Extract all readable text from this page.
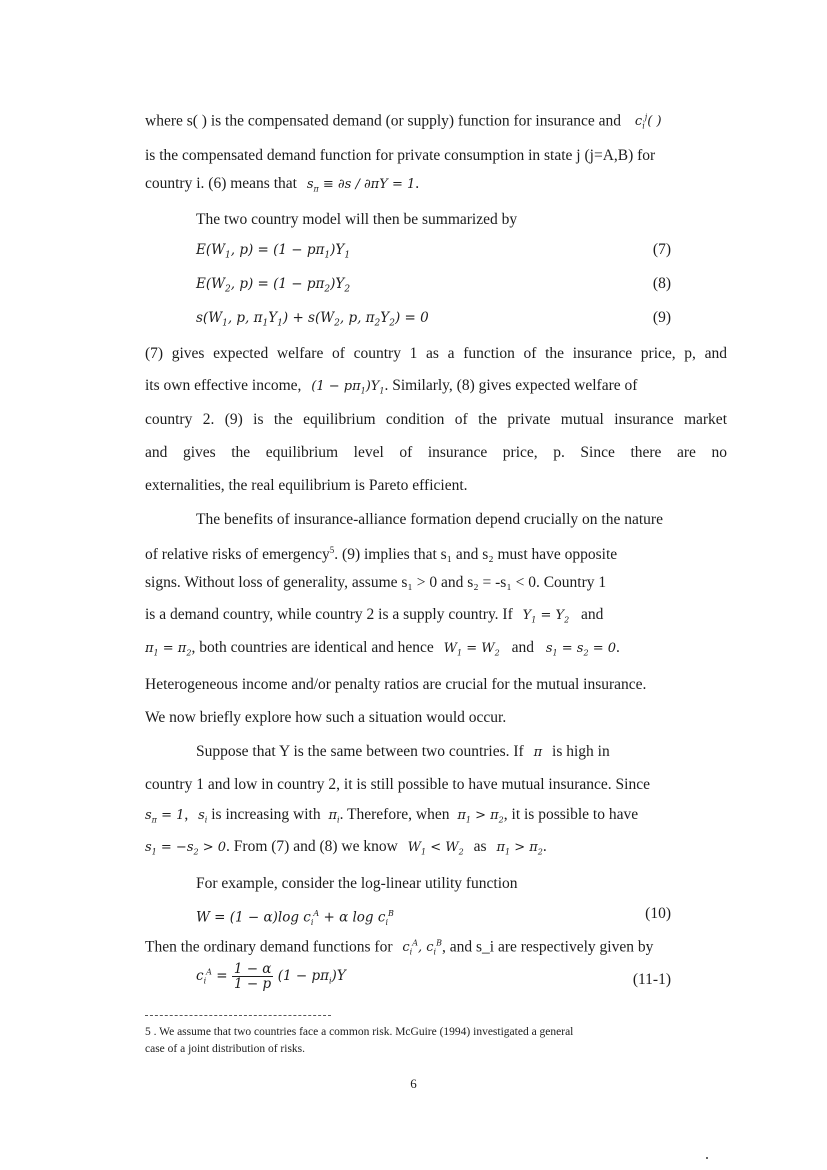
where s( ) is the compensated demand (or supply) function for insurance and $c_i^j$( )
is the compensated demand function for private consumption in state j (j=A,B) for
country i. (6) means that $s_\pi \equiv \partial s / \partial\pi Y = 1$.
The two country model will then be summarized by
$E(W_1$, $p) = (1 - p\pi_1)Y_1$	(7)
$E(W_2$, $p) = (1 - p\pi_2)Y_2$	(8)
$s(W_1$, p, $\pi_1Y_1) + s(W_2$, p, $\pi_2Y_2) = 0$	(9)
(7) gives expected welfare of country 1 as a function of the insurance price, p, and
its own effective income, $(1 - p\pi_1)Y_1$. Similarly, (8) gives expected welfare of
country 2. (9) is the equilibrium condition of the private mutual insurance market
and gives the equilibrium level of insurance price, p. Since there are no
externalities, the real equilibrium is Pareto efficient.
The benefits of insurance-alliance formation depend crucially on the nature
of relative risks of emergency$^5$. (9) implies that s₁ and s₂ must have opposite
signs. Without loss of generality, assume s₁ > 0 and s₂ = -s₁ < 0. Country 1
is a demand country, while country 2 is a supply country. If $Y_1 = Y_2$ and
$\pi_1 = \pi_2$, both countries are identical and hence $W_1 = W_2$ and $s_1 = s_2 = 0$.
Heterogeneous income and/or penalty ratios are crucial for the mutual insurance.
We now briefly explore how such a situation would occur.
Suppose that Y is the same between two countries. If π is high in
country 1 and low in country 2, it is still possible to have mutual insurance. Since
$s_\pi = 1$, $s_i$ is increasing with $\pi_i$. Therefore, when $\pi_1 > \pi_2$, it is possible to have
$s_1 = -s_2 > 0$. From (7) and (8) we know $W_1 < W_2$ as $\pi_1 > \pi_2$.
For example, consider the log-linear utility function
W = (1 − α)log $c_i^A + \alpha$ $\log c_i^B$	(10)
Then the ordinary demand functions for $c_i^A$, $c_i^B$, and s_i are respectively given by
$c_i^A = \frac{1 - \alpha}{1 - p} (1 - p\pi_i)Y$	(11-1)
5 . We assume that two countries face a common risk. McGuire (1994) investigated a general
case of a joint distribution of risks.
6
